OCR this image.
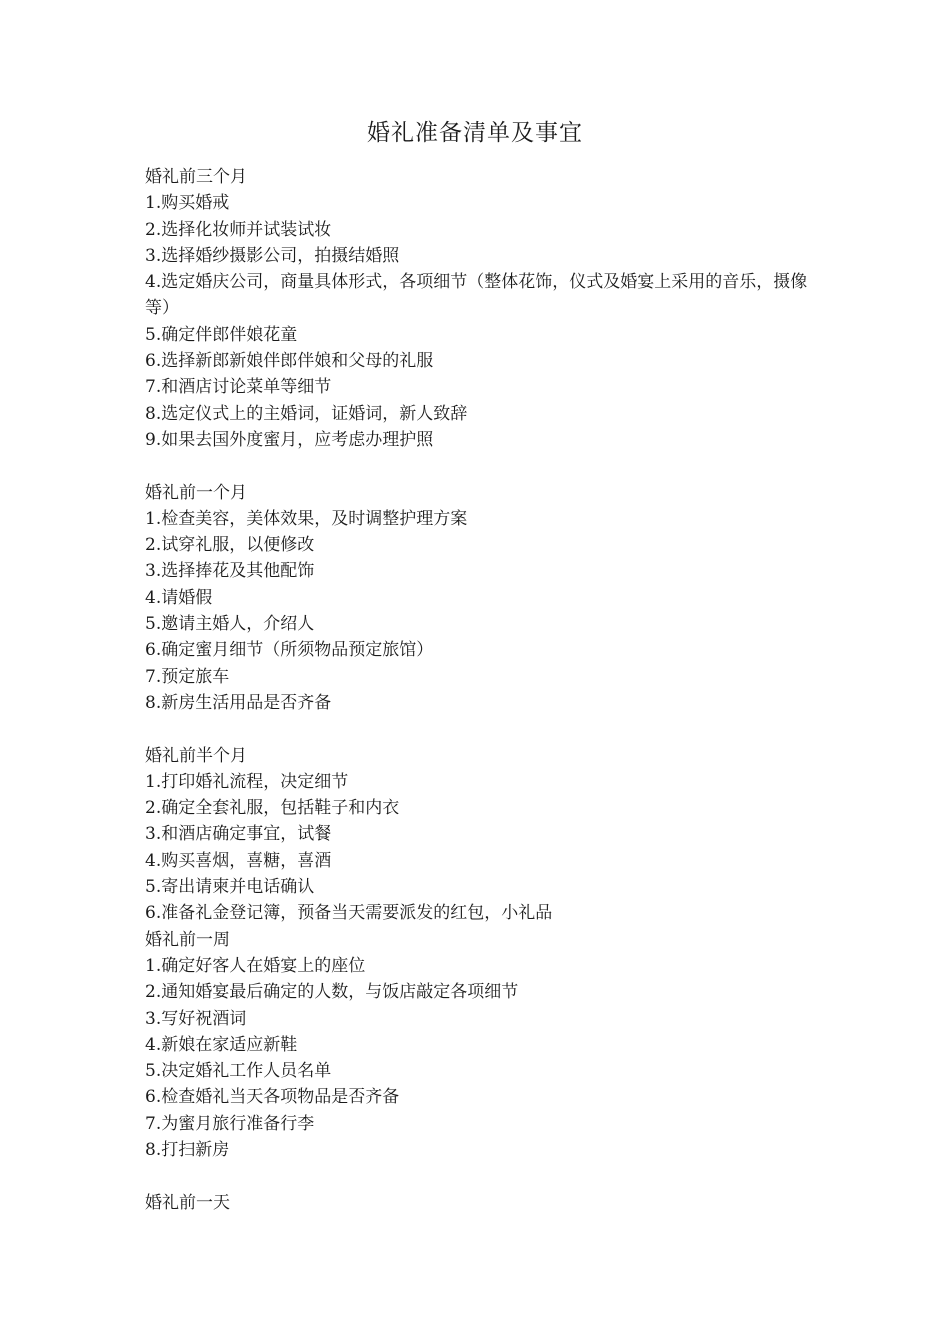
婚礼准备清单及事宜

婚礼前三个月

1.购买婚戒

2.选择化妆师并试装试妆

3.选择婚纱摄影公司，拍摄结婚照

4.选定婚庆公司，商量具体形式，各项细节（整体花饰，仪式及婚宴上采用的音乐，摄像等）

5.确定伴郎伴娘花童

6.选择新郎新娘伴郎伴娘和父母的礼服

7.和酒店讨论菜单等细节

8.选定仪式上的主婚词，证婚词，新人致辞

9.如果去国外度蜜月，应考虑办理护照

婚礼前一个月

1.检查美容，美体效果，及时调整护理方案

2.试穿礼服，以便修改

3.选择捧花及其他配饰

4.请婚假

5.邀请主婚人，介绍人

6.确定蜜月细节（所须物品预定旅馆）

7.预定旅车

8.新房生活用品是否齐备

婚礼前半个月

1.打印婚礼流程，决定细节

2.确定全套礼服，包括鞋子和内衣

3.和酒店确定事宜，试餐

4.购买喜烟，喜糖，喜酒

5.寄出请柬并电话确认

6.准备礼金登记簿，预备当天需要派发的红包，小礼品

婚礼前一周

1.确定好客人在婚宴上的座位

2.通知婚宴最后确定的人数，与饭店敲定各项细节

3.写好祝酒词

4.新娘在家适应新鞋

5.决定婚礼工作人员名单

6.检查婚礼当天各项物品是否齐备

7.为蜜月旅行准备行李

8.打扫新房

婚礼前一天
